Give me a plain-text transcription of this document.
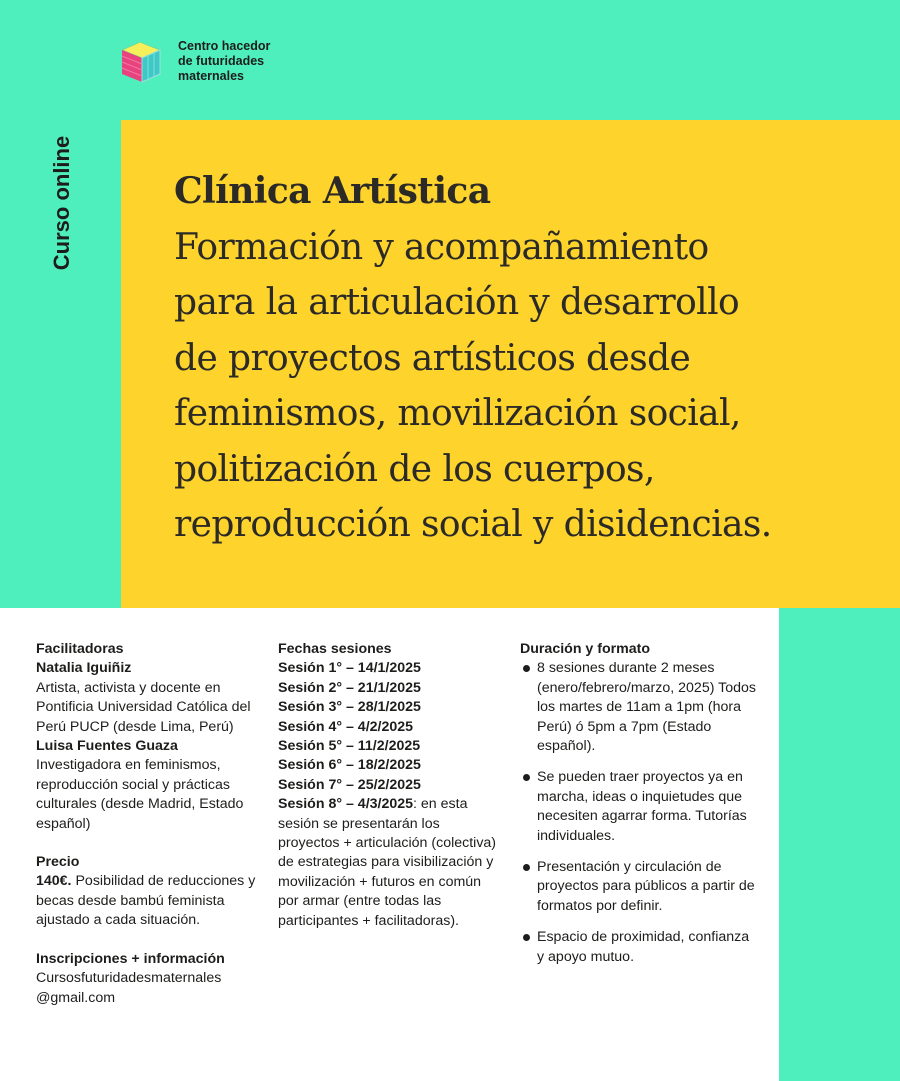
Centro hacedor
de futuridades
maternales
Curso online	Clínica Artística
Formación y acompañamiento
para la articulación y desarrollo
de proyectos artísticos desde
feminismos, movilización social,
politización de los cuerpos,
reproducción social y disidencias.
Facilitadoras
Natalia Iguiñiz
Artista, activista y docente en Pontificia Universidad Católica del Perú PUCP (desde Lima, Perú)
Luisa Fuentes Guaza
Investigadora en feminismos, reproducción social y prácticas culturales (desde Madrid, Estado español)
Precio
140€. Posibilidad de reducciones y becas desde bambú feminista ajustado a cada situación.
Inscripciones + información
Cursosfuturidadesmaternales
@gmail.com
Fechas sesiones
Sesión 1° – 14/1/2025
Sesión 2° – 21/1/2025
Sesión 3° – 28/1/2025
Sesión 4° – 4/2/2025
Sesión 5° – 11/2/2025
Sesión 6° – 18/2/2025
Sesión 7° – 25/2/2025
Sesión 8° – 4/3/2025: en esta sesión se presentarán los proyectos + articulación (colectiva) de estrategias para visibilización y movilización + futuros en común por armar (entre todas las participantes + facilitadoras).
Duración y formato
8 sesiones durante 2 meses (enero/febrero/marzo, 2025) Todos los martes de 11am a 1pm (hora Perú) ó 5pm a 7pm (Estado español).
Se pueden traer proyectos ya en marcha, ideas o inquietudes que necesiten agarrar forma. Tutorías individuales.
Presentación y circulación de proyectos para públicos a partir de formatos por definir.
Espacio de proximidad, confianza y apoyo mutuo.
